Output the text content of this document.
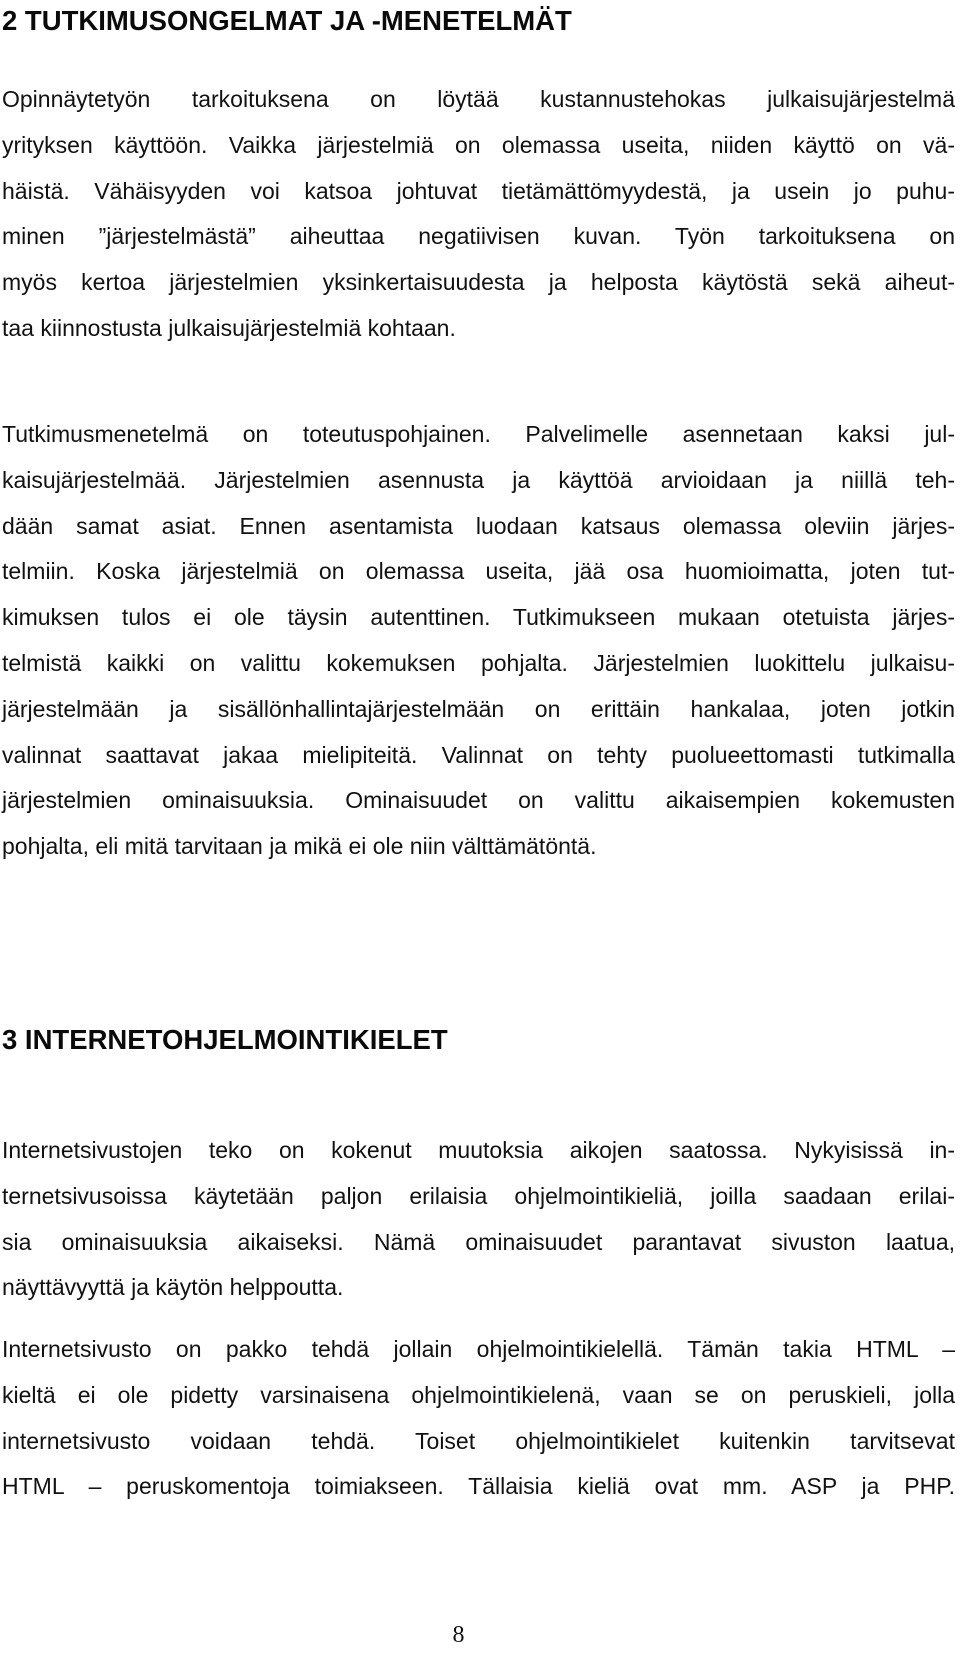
2 TUTKIMUSONGELMAT JA -MENETELMÄT
Opinnäytetyön tarkoituksena on löytää kustannustehokas julkaisujärjestelmä
yrityksen käyttöön. Vaikka järjestelmiä on olemassa useita, niiden käyttö on vä-
häistä. Vähäisyyden voi katsoa johtuvat tietämättömyydestä, ja usein jo puhu-
minen ”järjestelmästä” aiheuttaa negatiivisen kuvan. Työn tarkoituksena on
myös kertoa järjestelmien yksinkertaisuudesta ja helposta käytöstä sekä aiheut-
taa kiinnostusta julkaisujärjestelmiä kohtaan.
Tutkimusmenetelmä on toteutuspohjainen. Palvelimelle asennetaan kaksi jul-
kaisujärjestelmää. Järjestelmien asennusta ja käyttöä arvioidaan ja niillä teh-
dään samat asiat. Ennen asentamista luodaan katsaus olemassa oleviin järjes-
telmiin. Koska järjestelmiä on olemassa useita, jää osa huomioimatta, joten tut-
kimuksen tulos ei ole täysin autenttinen. Tutkimukseen mukaan otetuista järjes-
telmistä kaikki on valittu kokemuksen pohjalta. Järjestelmien luokittelu julkaisu-
järjestelmään ja sisällönhallintajärjestelmään on erittäin hankalaa, joten jotkin
valinnat saattavat jakaa mielipiteitä. Valinnat on tehty puolueettomasti tutkimalla
järjestelmien ominaisuuksia. Ominaisuudet on valittu aikaisempien kokemusten
pohjalta, eli mitä tarvitaan ja mikä ei ole niin välttämätöntä.
3 INTERNETOHJELMOINTIKIELET
Internetsivustojen teko on kokenut muutoksia aikojen saatossa. Nykyisissä in-
ternetsivusoissa käytetään paljon erilaisia ohjelmointikieliä, joilla saadaan erilai-
sia ominaisuuksia aikaiseksi. Nämä ominaisuudet parantavat sivuston laatua,
näyttävyyttä ja käytön helppoutta.
Internetsivusto on pakko tehdä jollain ohjelmointikielellä. Tämän takia HTML –
kieltä ei ole pidetty varsinaisena ohjelmointikielenä, vaan se on peruskieli, jolla
internetsivusto voidaan tehdä. Toiset ohjelmointikielet kuitenkin tarvitsevat
HTML – peruskomentoja toimiakseen. Tällaisia kieliä ovat mm. ASP ja PHP.
8
